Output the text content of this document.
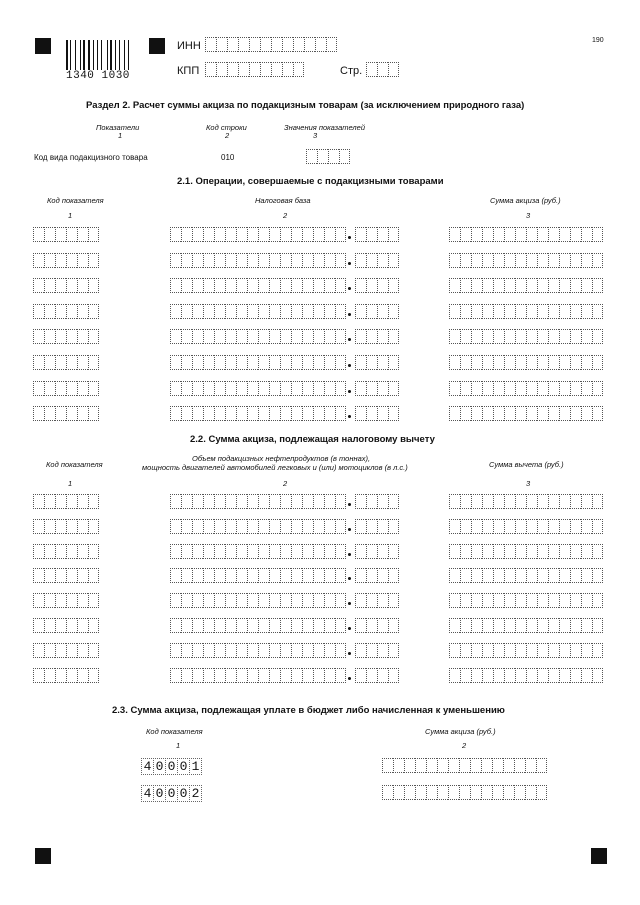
1340 1030
ИНН
КПП	Стр.
190
Раздел 2. Расчет суммы акциза по подакцизным товарам (за исключением природного газа)
Показатели
1
Код строки
2
Значения показателей
3
Код вида подакцизного товара	010
2.1. Операции, совершаемые с подакцизными товарами
Код показателя	Налоговая база	Сумма акциза (руб.)
1	2	3
2.2. Сумма акциза, подлежащая налоговому вычету
Код показателя
Объем подакцизных нефтепродуктов (в тоннах),
мощность двигателей автомобилей легковых и (или) мотоциклов (в л.с.)	Сумма вычета (руб.)
1	2	3
2.3. Сумма акциза, подлежащая уплате в бюджет либо начисленная к уменьшению
Код показателя	Сумма акциза (руб.)
1	2
4 0 0 0 1
4 0 0 0 2
